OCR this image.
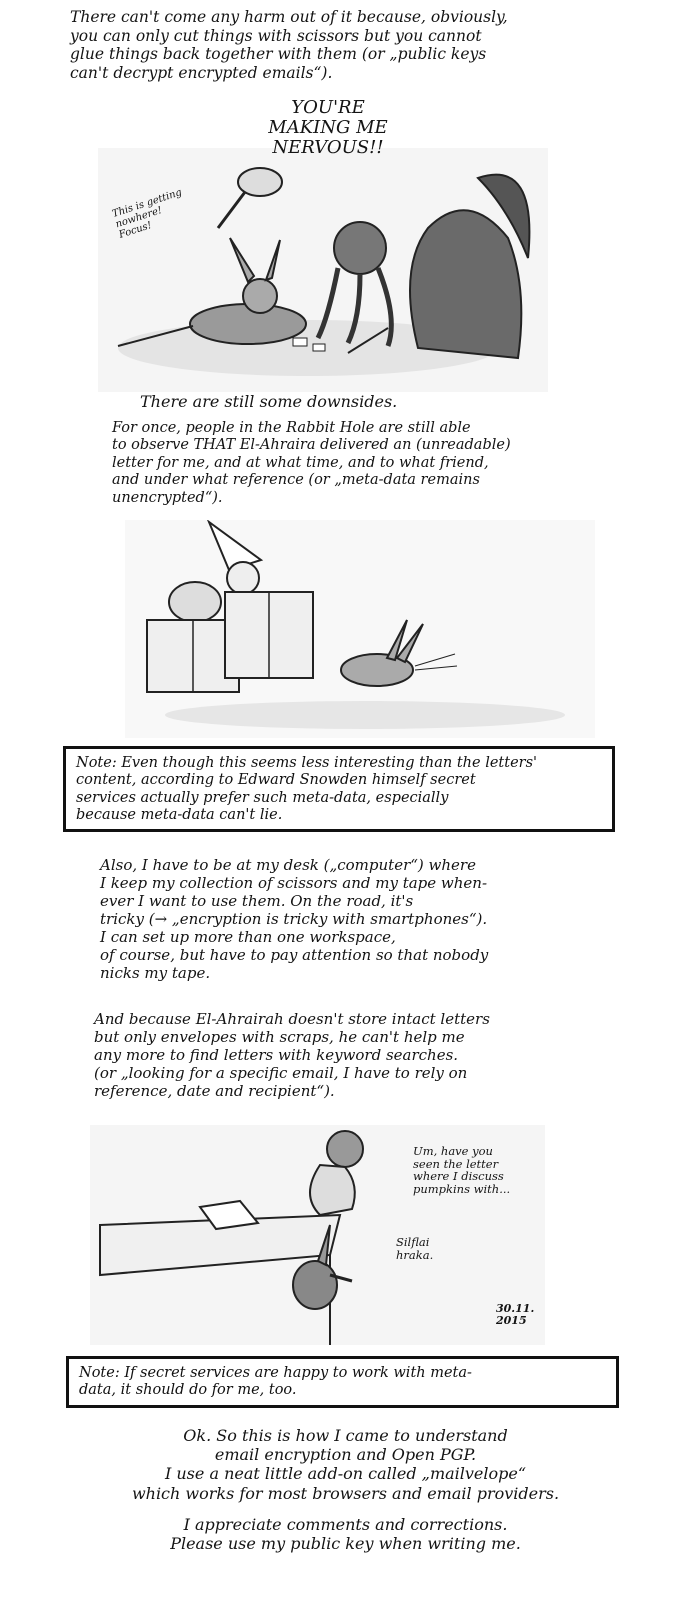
There can't come any harm out of it because, obviously,
you can only cut things with scissors but you cannot
glue things back together with them (or „public keys
can't decrypt encrypted emails“).
YOU'RE
MAKING ME
NERVOUS!!
This is getting
nowhere!
Focus!
There are still some downsides.
For once, people in the Rabbit Hole are still able
to observe THAT El-Ahraira delivered an (unreadable)
letter for me, and at what time, and to what friend,
and under what reference (or „meta-data remains
unencrypted“).
Note: Even though this seems less interesting than the letters'
content, according to Edward Snowden himself secret
services actually prefer such meta-data, especially
because meta-data can't lie.
Also, I have to be at my desk („computer“) where
I keep my collection of scissors and my tape when-
ever I want to use them. On the road, it's
tricky (→ „encryption is tricky with smartphones“).
I can set up more than one workspace,
of course, but have to pay attention so that nobody
nicks my tape.
And because El-Ahrairah doesn't store intact letters
but only envelopes with scraps, he can't help me
any more to find letters with keyword searches.
(or „looking for a specific email, I have to rely on
reference, date and recipient“).
Um, have you
seen the letter
where I discuss
pumpkins with...
Silflai
hraka.
30.11.
2015
Note: If secret services are happy to work with meta-
data, it should do for me, too.
Ok. So this is how I came to understand
email encryption and Open PGP.
I use a neat little add-on called „mailvelope“
which works for most browsers and email providers.
I appreciate comments and corrections.
Please use my public key when writing me.
